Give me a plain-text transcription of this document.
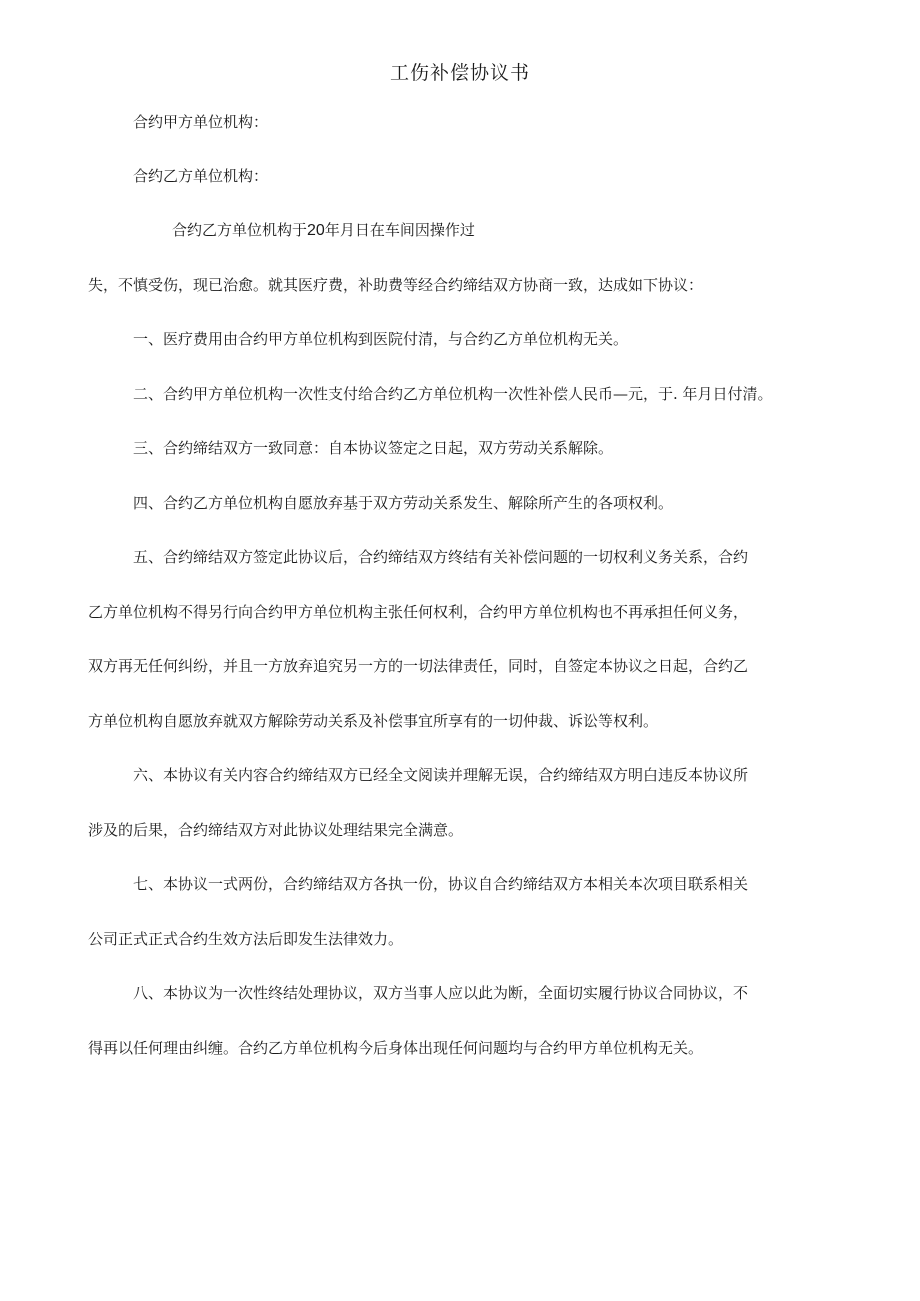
工伤补偿协议书
合约甲方单位机构：
合约乙方单位机构：
合约乙方单位机构于20年月日在车间因操作过
失，不慎受伤，现已治愈。就其医疗费，补助费等经合约缔结双方协商一致，达成如下协议：
一、医疗费用由合约甲方单位机构到医院付清，与合约乙方单位机构无关。
二、合约甲方单位机构一次性支付给合约乙方单位机构一次性补偿人民币—元，于. 年月日付清。
三、合约缔结双方一致同意：自本协议签定之日起，双方劳动关系解除。
四、合约乙方单位机构自愿放弃基于双方劳动关系发生、解除所产生的各项权利。
五、合约缔结双方签定此协议后，合约缔结双方终结有关补偿问题的一切权利义务关系，合约
乙方单位机构不得另行向合约甲方单位机构主张任何权利，合约甲方单位机构也不再承担任何义务，
双方再无任何纠纷，并且一方放弃追究另一方的一切法律责任，同时，自签定本协议之日起，合约乙
方单位机构自愿放弃就双方解除劳动关系及补偿事宜所享有的一切仲裁、诉讼等权利。
六、本协议有关内容合约缔结双方已经全文阅读并理解无误，合约缔结双方明白违反本协议所
涉及的后果，合约缔结双方对此协议处理结果完全满意。
七、本协议一式两份，合约缔结双方各执一份，协议自合约缔结双方本相关本次项目联系相关
公司正式正式合约生效方法后即发生法律效力。
八、本协议为一次性终结处理协议，双方当事人应以此为断，全面切实履行协议合同协议，不
得再以任何理由纠缠。合约乙方单位机构今后身体出现任何问题均与合约甲方单位机构无关。
